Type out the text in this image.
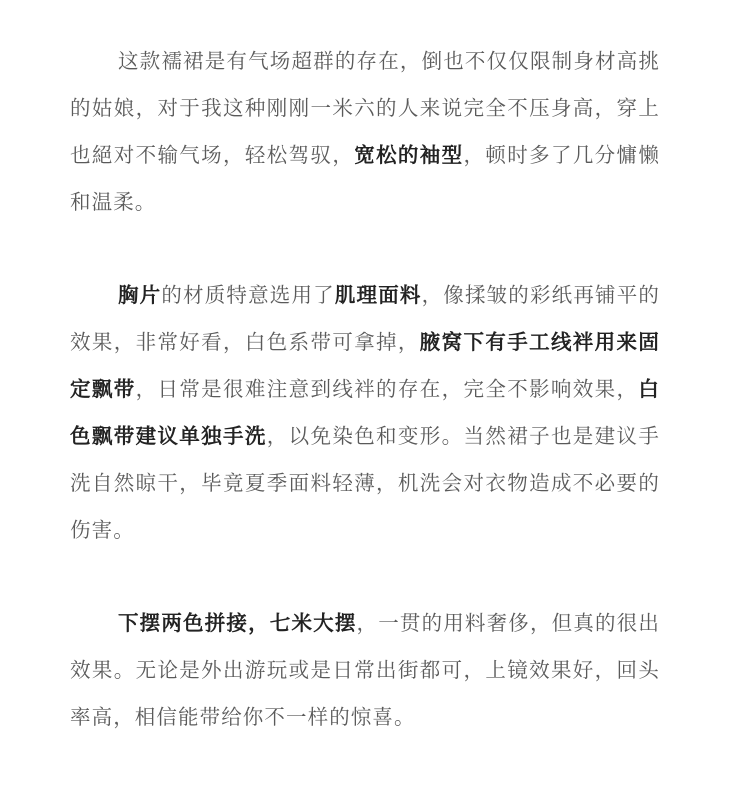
这款襦裙是有气场超群的存在，倒也不仅仅限制身材高挑的姑娘，对于我这种刚刚一米六的人来说完全不压身高，穿上也絕对不输气场，轻松驾驭，宽松的袖型，顿时多了几分慵懒和温柔。

胸片的材质特意选用了肌理面料，像揉皱的彩纸再铺平的效果，非常好看，白色系带可拿掉，腋窝下有手工线袢用来固定飘带，日常是很难注意到线袢的存在，完全不影响效果，白色飘带建议单独手洗，以免染色和变形。当然裙子也是建议手洗自然晾干，毕竟夏季面料轻薄，机洗会对衣物造成不必要的伤害。

下摆两色拼接，七米大摆，一贯的用料奢侈，但真的很出效果。无论是外出游玩或是日常出街都可，上镜效果好，回头率高，相信能带给你不一样的惊喜。
